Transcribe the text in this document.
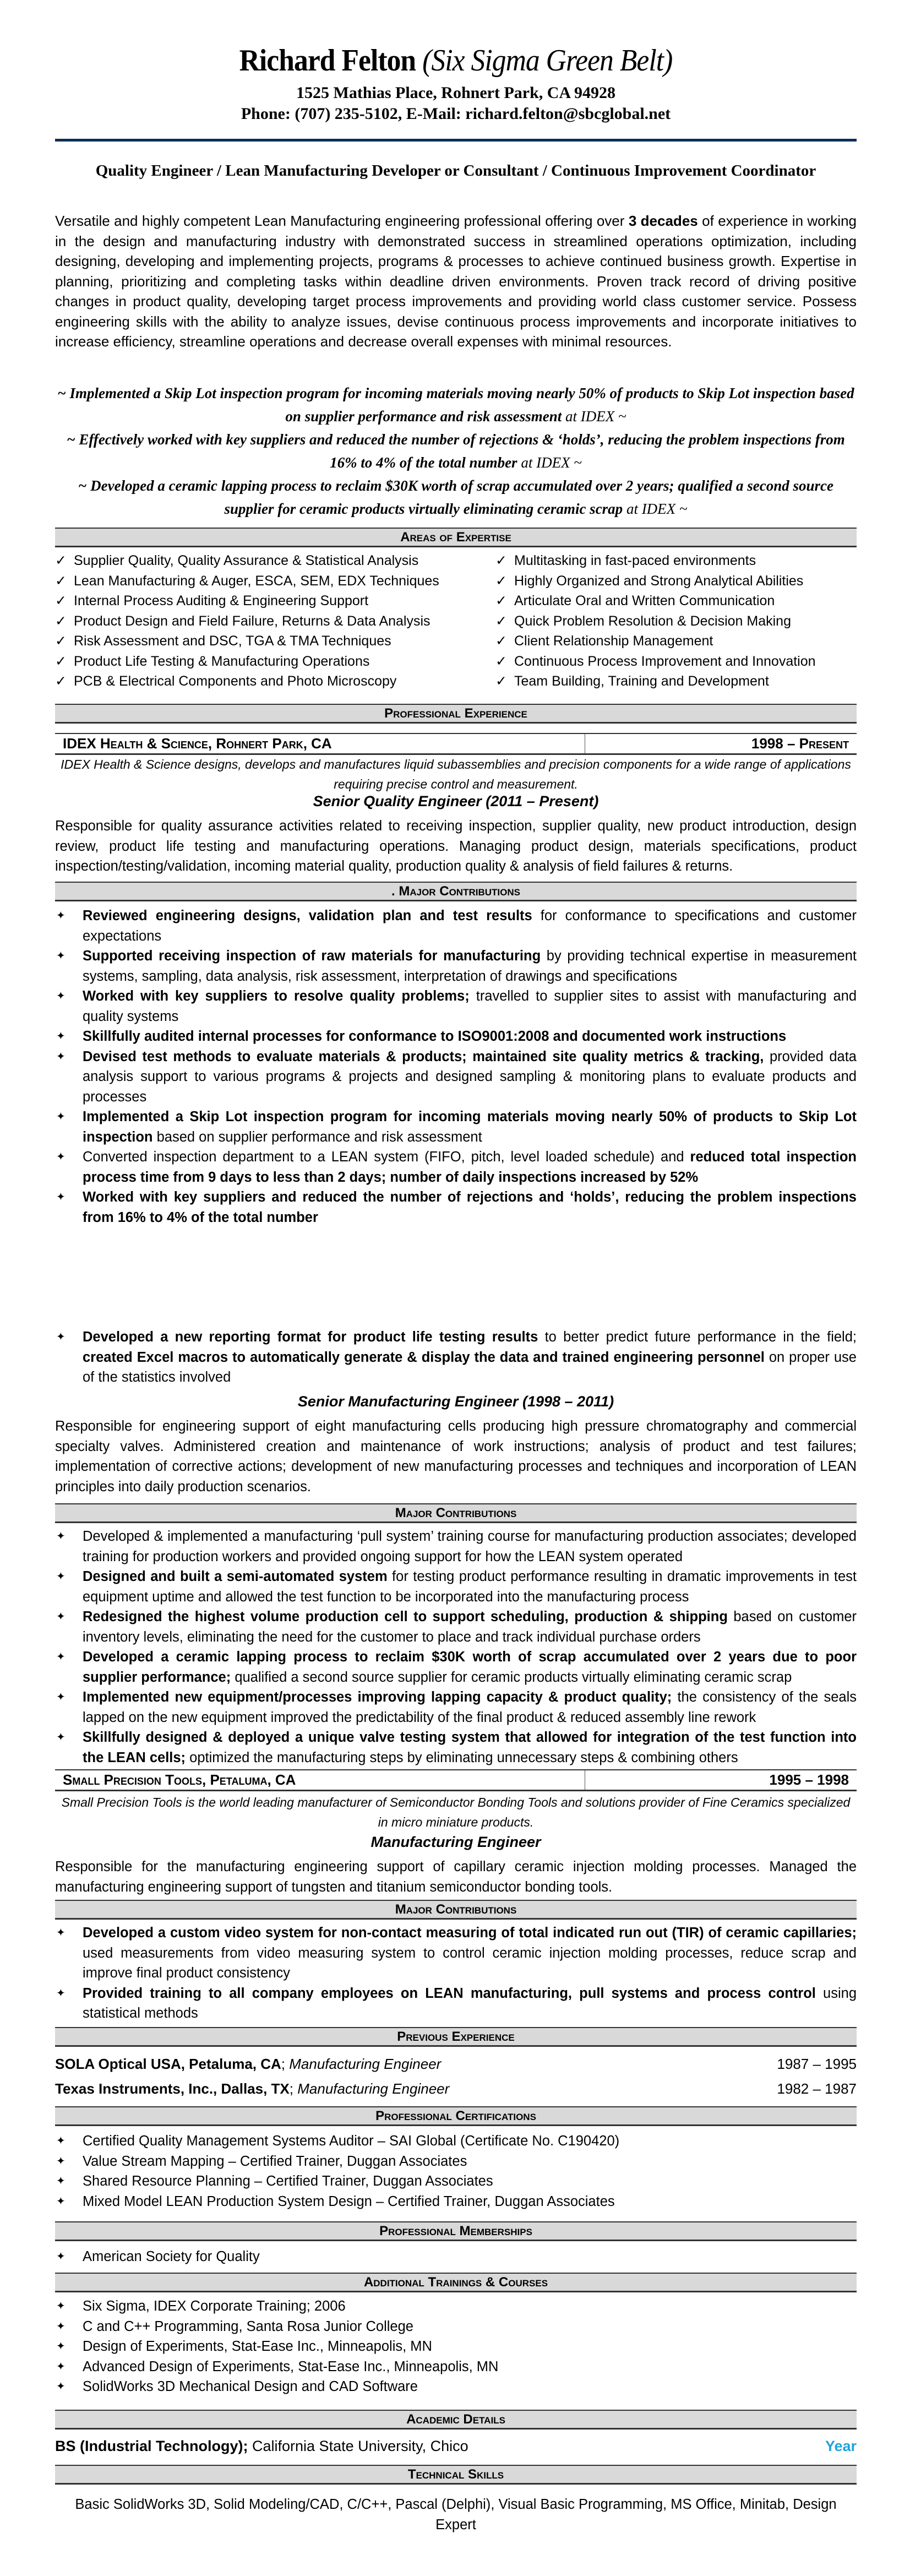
Richard Felton (Six Sigma Green Belt)
1525 Mathias Place, Rohnert Park, CA 94928
Phone: (707) 235-5102, E-Mail: richard.felton@sbcglobal.net
Quality Engineer / Lean Manufacturing Developer or Consultant / Continuous Improvement Coordinator
Versatile and highly competent Lean Manufacturing engineering professional offering over 3 decades of experience in working in the design and manufacturing industry with demonstrated success in streamlined operations optimization, including designing, developing and implementing projects, programs & processes to achieve continued business growth. Expertise in planning, prioritizing and completing tasks within deadline driven environments. Proven track record of driving positive changes in product quality, developing target process improvements and providing world class customer service. Possess engineering skills with the ability to analyze issues, devise continuous process improvements and incorporate initiatives to increase efficiency, streamline operations and decrease overall expenses with minimal resources.
~ Implemented a Skip Lot inspection program for incoming materials moving nearly 50% of products to Skip Lot inspection based on supplier performance and risk assessment at IDEX ~
~ Effectively worked with key suppliers and reduced the number of rejections & ‘holds’, reducing the problem inspections from 16% to 4% of the total number at IDEX ~
~ Developed a ceramic lapping process to reclaim $30K worth of scrap accumulated over 2 years; qualified a second source supplier for ceramic products virtually eliminating ceramic scrap at IDEX ~
Areas of Expertise
✓ Supplier Quality, Quality Assurance & Statistical Analysis	✓ Multitasking in fast-paced environments
✓ Lean Manufacturing & Auger, ESCA, SEM, EDX Techniques	✓ Highly Organized and Strong Analytical Abilities
✓ Internal Process Auditing & Engineering Support	✓ Articulate Oral and Written Communication
✓ Product Design and Field Failure, Returns & Data Analysis	✓ Quick Problem Resolution & Decision Making
✓ Risk Assessment and DSC, TGA & TMA Techniques	✓ Client Relationship Management
✓ Product Life Testing & Manufacturing Operations	✓ Continuous Process Improvement and Innovation
✓ PCB & Electrical Components and Photo Microscopy	✓ Team Building, Training and Development
Professional Experience
IDEX Health & Science, Rohnert Park, CA	1998 – Present
IDEX Health & Science designs, develops and manufactures liquid subassemblies and precision components for a wide range of applications requiring precise control and measurement.
Senior Quality Engineer (2011 – Present)
Responsible for quality assurance activities related to receiving inspection, supplier quality, new product introduction, design review, product life testing and manufacturing operations. Managing product design, materials specifications, product inspection/testing/validation, incoming material quality, production quality & analysis of field failures & returns.
. Major Contributions
✦ Reviewed engineering designs, validation plan and test results for conformance to specifications and customer expectations
✦ Supported receiving inspection of raw materials for manufacturing by providing technical expertise in measurement systems, sampling, data analysis, risk assessment, interpretation of drawings and specifications
✦ Worked with key suppliers to resolve quality problems; travelled to supplier sites to assist with manufacturing and quality systems
✦ Skillfully audited internal processes for conformance to ISO9001:2008 and documented work instructions
✦ Devised test methods to evaluate materials & products; maintained site quality metrics & tracking, provided data analysis support to various programs & projects and designed sampling & monitoring plans to evaluate products and processes
✦ Implemented a Skip Lot inspection program for incoming materials moving nearly 50% of products to Skip Lot inspection based on supplier performance and risk assessment
✦ Converted inspection department to a LEAN system (FIFO, pitch, level loaded schedule) and reduced total inspection process time from 9 days to less than 2 days; number of daily inspections increased by 52%
✦ Worked with key suppliers and reduced the number of rejections and ‘holds’, reducing the problem inspections from 16% to 4% of the total number
✦ Developed a new reporting format for product life testing results to better predict future performance in the field; created Excel macros to automatically generate & display the data and trained engineering personnel on proper use of the statistics involved
Senior Manufacturing Engineer (1998 – 2011)
Responsible for engineering support of eight manufacturing cells producing high pressure chromatography and commercial specialty valves. Administered creation and maintenance of work instructions; analysis of product and test failures; implementation of corrective actions; development of new manufacturing processes and techniques and incorporation of LEAN principles into daily production scenarios.
Major Contributions
✦ Developed & implemented a manufacturing ‘pull system’ training course for manufacturing production associates; developed training for production workers and provided ongoing support for how the LEAN system operated
✦ Designed and built a semi-automated system for testing product performance resulting in dramatic improvements in test equipment uptime and allowed the test function to be incorporated into the manufacturing process
✦ Redesigned the highest volume production cell to support scheduling, production & shipping based on customer inventory levels, eliminating the need for the customer to place and track individual purchase orders
✦ Developed a ceramic lapping process to reclaim $30K worth of scrap accumulated over 2 years due to poor supplier performance; qualified a second source supplier for ceramic products virtually eliminating ceramic scrap
✦ Implemented new equipment/processes improving lapping capacity & product quality; the consistency of the seals lapped on the new equipment improved the predictability of the final product & reduced assembly line rework
✦ Skillfully designed & deployed a unique valve testing system that allowed for integration of the test function into the LEAN cells; optimized the manufacturing steps by eliminating unnecessary steps & combining others
Small Precision Tools, Petaluma, CA	1995 – 1998
Small Precision Tools is the world leading manufacturer of Semiconductor Bonding Tools and solutions provider of Fine Ceramics specialized in micro miniature products.
Manufacturing Engineer
Responsible for the manufacturing engineering support of capillary ceramic injection molding processes. Managed the manufacturing engineering support of tungsten and titanium semiconductor bonding tools.
Major Contributions
✦ Developed a custom video system for non-contact measuring of total indicated run out (TIR) of ceramic capillaries; used measurements from video measuring system to control ceramic injection molding processes, reduce scrap and improve final product consistency
✦ Provided training to all company employees on LEAN manufacturing, pull systems and process control using statistical methods
Previous Experience
SOLA Optical USA, Petaluma, CA; Manufacturing Engineer	1987 – 1995
Texas Instruments, Inc., Dallas, TX; Manufacturing Engineer	1982 – 1987
Professional Certifications
✦ Certified Quality Management Systems Auditor – SAI Global (Certificate No. C190420)
✦ Value Stream Mapping – Certified Trainer, Duggan Associates
✦ Shared Resource Planning – Certified Trainer, Duggan Associates
✦ Mixed Model LEAN Production System Design – Certified Trainer, Duggan Associates
Professional Memberships
✦ American Society for Quality
Additional Trainings & Courses
✦ Six Sigma, IDEX Corporate Training; 2006
✦ C and C++ Programming, Santa Rosa Junior College
✦ Design of Experiments, Stat-Ease Inc., Minneapolis, MN
✦ Advanced Design of Experiments, Stat-Ease Inc., Minneapolis, MN
✦ SolidWorks 3D Mechanical Design and CAD Software
Academic Details
BS (Industrial Technology); California State University, Chico	Year
Technical Skills
Basic SolidWorks 3D, Solid Modeling/CAD, C/C++, Pascal (Delphi), Visual Basic Programming, MS Office, Minitab, Design Expert
